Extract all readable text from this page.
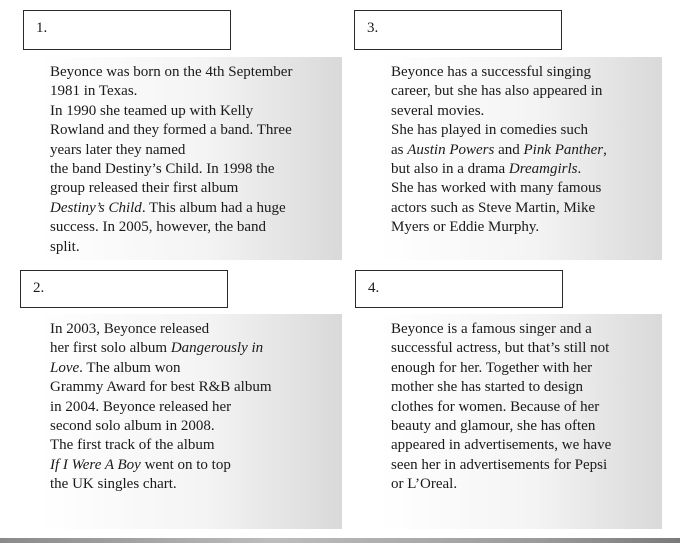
1.
Beyonce was born on the 4th September
1981 in Texas.
In 1990 she teamed up with Kelly
Rowland and they formed a band. Three
years later they named
the band Destiny’s Child. In 1998 the
group released their first album
Destiny’s Child. This album had a huge
success. In 2005, however, the band
split.
3.
Beyonce has a successful singing
career, but she has also appeared in
several movies.
She has played in comedies such
as Austin Powers and Pink Panther,
but also in a drama Dreamgirls.
She has worked with many famous
actors such as Steve Martin, Mike
Myers or Eddie Murphy.
2.
In 2003, Beyonce released
her first solo album Dangerously in
Love. The album won
Grammy Award for best R&B album
in 2004. Beyonce released her
second solo album in 2008.
The first track of the album
If I Were A Boy went on to top
the UK singles chart.
4.
Beyonce is a famous singer and a
successful actress, but that’s still not
enough for her. Together with her
mother she has started to design
clothes for women. Because of her
beauty and glamour, she has often
appeared in advertisements, we have
seen her in advertisements for Pepsi
or L’Oreal.
